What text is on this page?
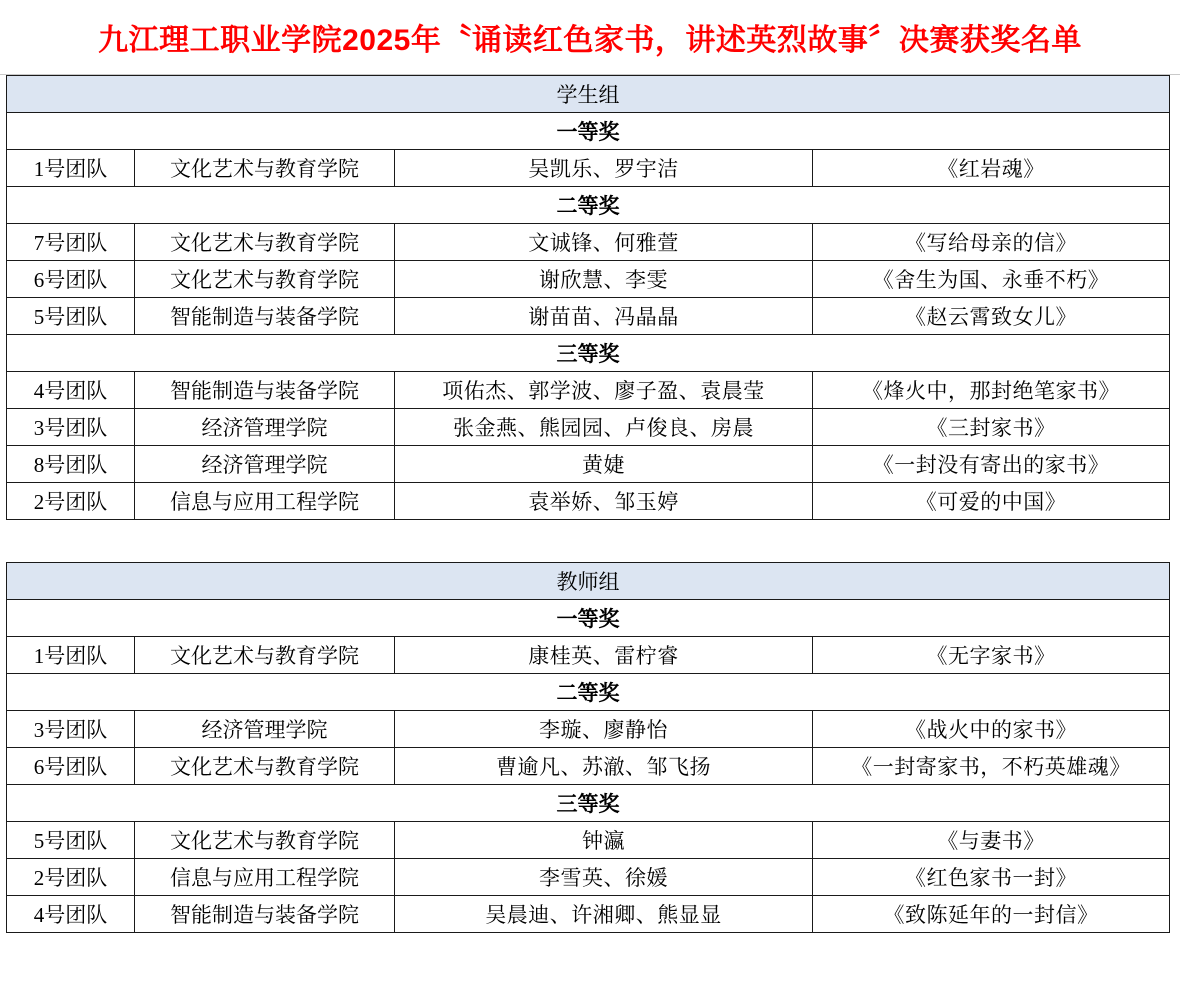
九江理工职业学院2025年〝诵读红色家书，讲述英烈故事〞决赛获奖名单
学生组			
一等奖			
1号团队	文化艺术与教育学院	吴凯乐、罗宇洁	《红岩魂》
二等奖			
7号团队	文化艺术与教育学院	文诚锋、何雅萱	《写给母亲的信》
6号团队	文化艺术与教育学院	谢欣慧、李雯	《舍生为国、永垂不朽》
5号团队	智能制造与装备学院	谢苗苗、冯晶晶	《赵云霄致女儿》
三等奖			
4号团队	智能制造与装备学院	项佑杰、郭学波、廖子盈、袁晨莹	《烽火中，那封绝笔家书》
3号团队	经济管理学院	张金燕、熊园园、卢俊良、房晨	《三封家书》
8号团队	经济管理学院	黄婕	《一封没有寄出的家书》
2号团队	信息与应用工程学院	袁举娇、邹玉婷	《可爱的中国》
教师组			
一等奖			
1号团队	文化艺术与教育学院	康桂英、雷柠睿	《无字家书》
二等奖			
3号团队	经济管理学院	李璇、廖静怡	《战火中的家书》
6号团队	文化艺术与教育学院	曹逾凡、苏澈、邹飞扬	《一封寄家书，不朽英雄魂》
三等奖			
5号团队	文化艺术与教育学院	钟瀛	《与妻书》
2号团队	信息与应用工程学院	李雪英、徐媛	《红色家书一封》
4号团队	智能制造与装备学院	吴晨迪、许湘卿、熊显显	《致陈延年的一封信》
